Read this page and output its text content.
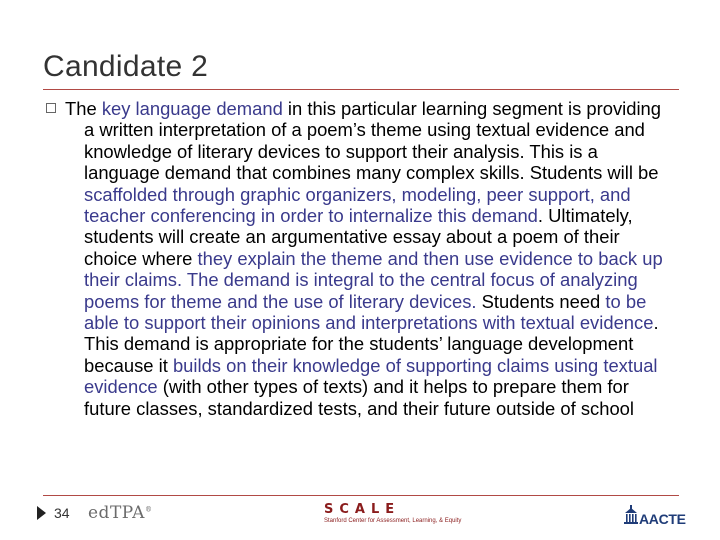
Candidate 2
The key language demand in this particular learning segment is providing a written interpretation of a poem’s theme using textual evidence and knowledge of literary devices to support their analysis. This is a language demand that combines many complex skills. Students will be scaffolded through graphic organizers, modeling, peer support, and teacher conferencing in order to internalize this demand. Ultimately, students will create an argumentative essay about a poem of their choice where they explain the theme and then use evidence to back up their claims. The demand is integral to the central focus of analyzing poems for theme and the use of literary devices. Students need to be able to support their opinions and interpretations with textual evidence. This demand is appropriate for the students’ language development because it builds on their knowledge of supporting claims using textual evidence (with other types of texts) and it helps to prepare them for future classes, standardized tests, and their future outside of school
34 edTPA®	SCALE
Stanford Center for Assessment, Learning, & Equity	AACTE
